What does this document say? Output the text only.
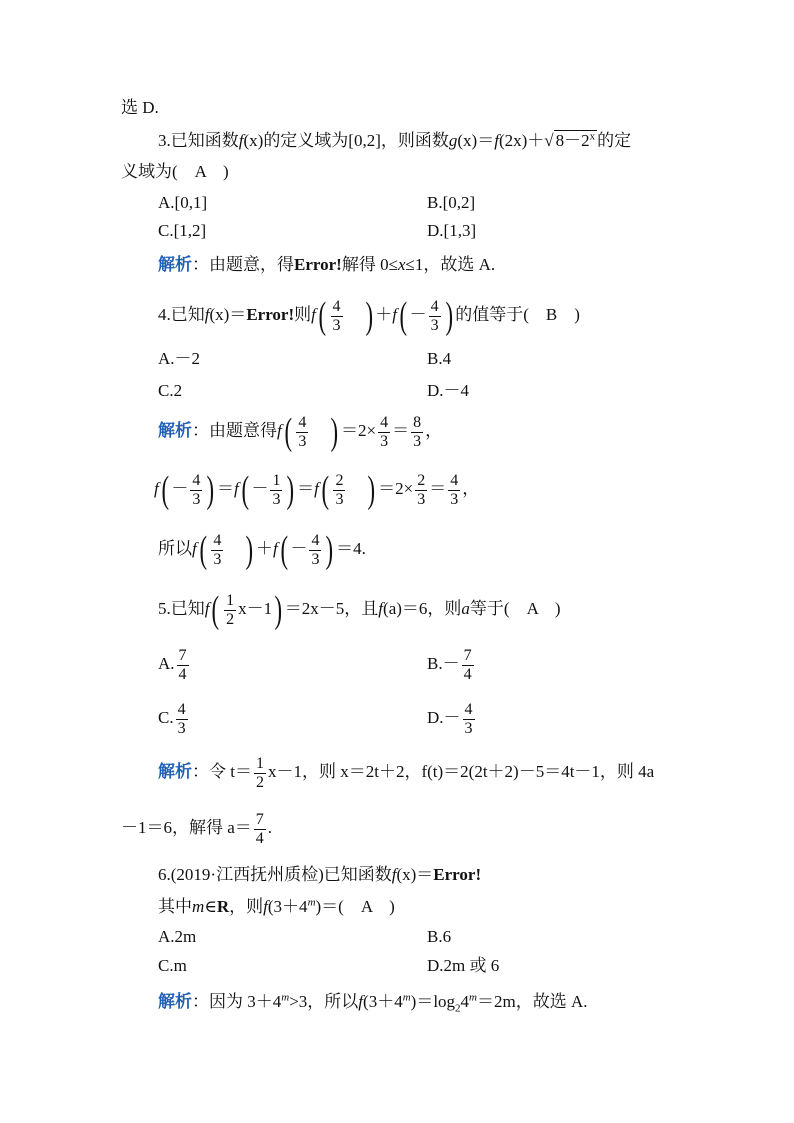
选 D.
3.已知函数f(x)的定义域为[0,2]，则函数g(x)＝f(2x)＋√ $8-2^x$ 的定
义域为(　A　)
A.[0,1]	B.[0,2]
C.[1,2]	D.[1,3]
解析：由题意，得Error!解得 0≤x≤1，故选 A.
4.已知f(x)＝Error!则$f( \frac{4}{3}$ ) $+f( - \frac{4}{3}$ ) 的值等于(　B　)
A.－2	B.4
C.2	D.－4
解析：由题意得$f( \frac{4}{3}$ ) $=2\times \frac{4}{3} = \frac{8}{3}$ ，
$f( - \frac{4}{3}$ ) $=f( - \frac{1}{3}$ ) $=f( \frac{2}{3}$ ) $=2\times \frac{2}{3} = \frac{4}{3}$ ，
所以$f( \frac{4}{3}$ ) $+f( - \frac{4}{3}$ ) ＝4.
5.已知$f( \frac{1}{2} x-1) =2x-5$，且f(a)＝6，则a等于(　A　)
A. $\frac{7}{4}$	$B.- \frac{7}{4}$
C. $\frac{4}{3}$	$D.- \frac{4}{3}$
解析：令 $t= \frac{1}{2} x-1$，则 x＝2t＋2，f(t)＝2(2t＋2)－5＝4t－1，则 4a
－1＝6，解得 $a= \frac{7}{4}$ .
6.(2019·江西抚州质检)已知函数f(x)＝Error!
其中m∈R，则$f(3+4^m)=$(　A　)
A.2m	B.6
C.m	D.2m 或 6
解析：因为 $3+4^m>3$，所以$f(3+4^m)=\log_24^m=2m$，故选 A.
